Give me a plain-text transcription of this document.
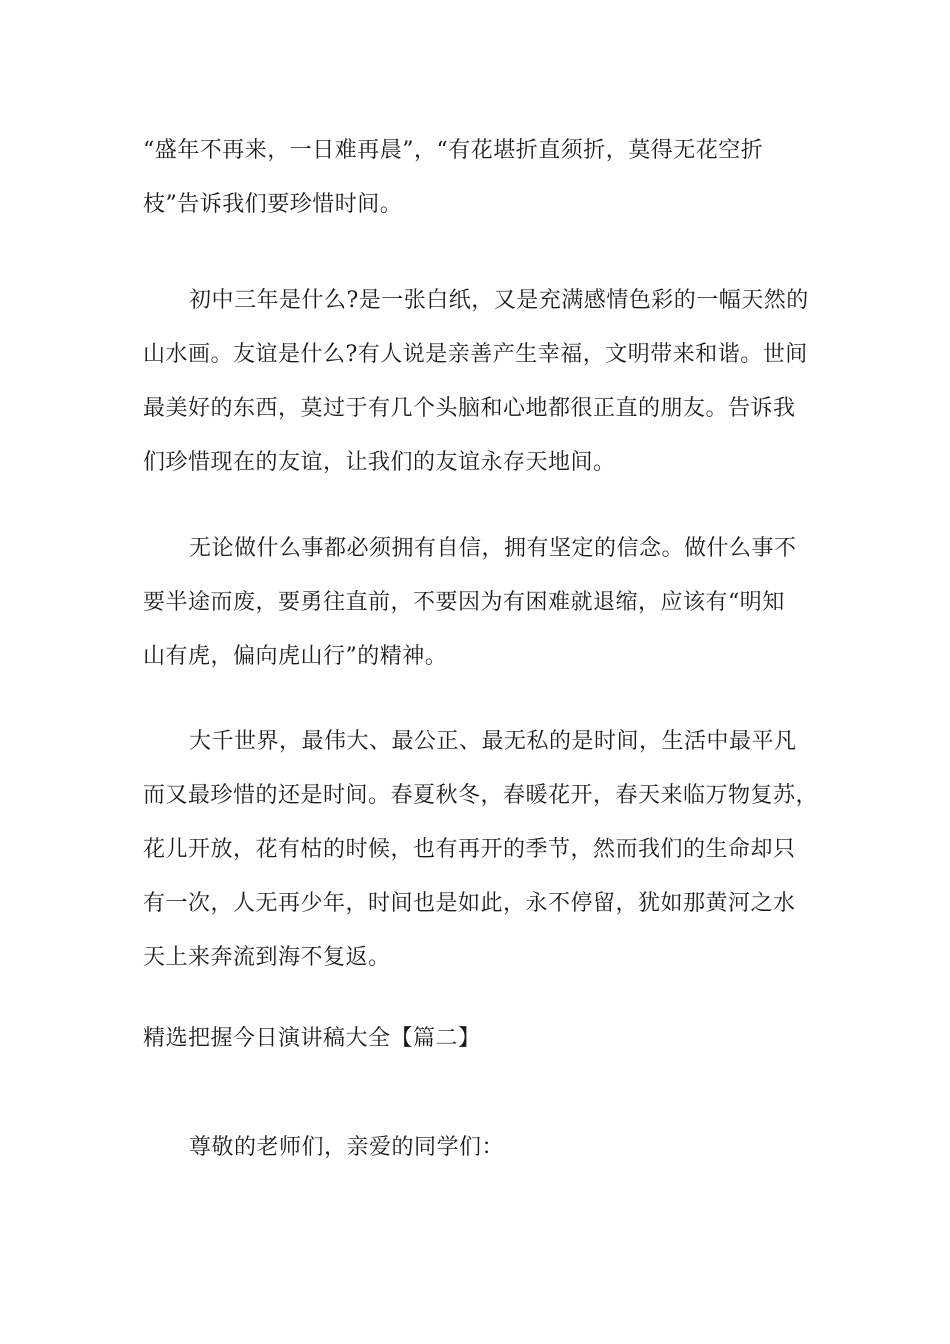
“盛年不再来，一日难再晨”，“有花堪折直须折，莫得无花空折
枝”告诉我们要珍惜时间。
初中三年是什么?是一张白纸，又是充满感情色彩的一幅天然的
山水画。友谊是什么?有人说是亲善产生幸福，文明带来和谐。世间
最美好的东西，莫过于有几个头脑和心地都很正直的朋友。告诉我
们珍惜现在的友谊，让我们的友谊永存天地间。
无论做什么事都必须拥有自信，拥有坚定的信念。做什么事不
要半途而废，要勇往直前，不要因为有困难就退缩，应该有“明知
山有虎，偏向虎山行”的精神。
大千世界，最伟大、最公正、最无私的是时间，生活中最平凡
而又最珍惜的还是时间。春夏秋冬，春暖花开，春天来临万物复苏，
花儿开放，花有枯的时候，也有再开的季节，然而我们的生命却只
有一次，人无再少年，时间也是如此，永不停留，犹如那黄河之水
天上来奔流到海不复返。
精选把握今日演讲稿大全【篇二】
尊敬的老师们，亲爱的同学们：
